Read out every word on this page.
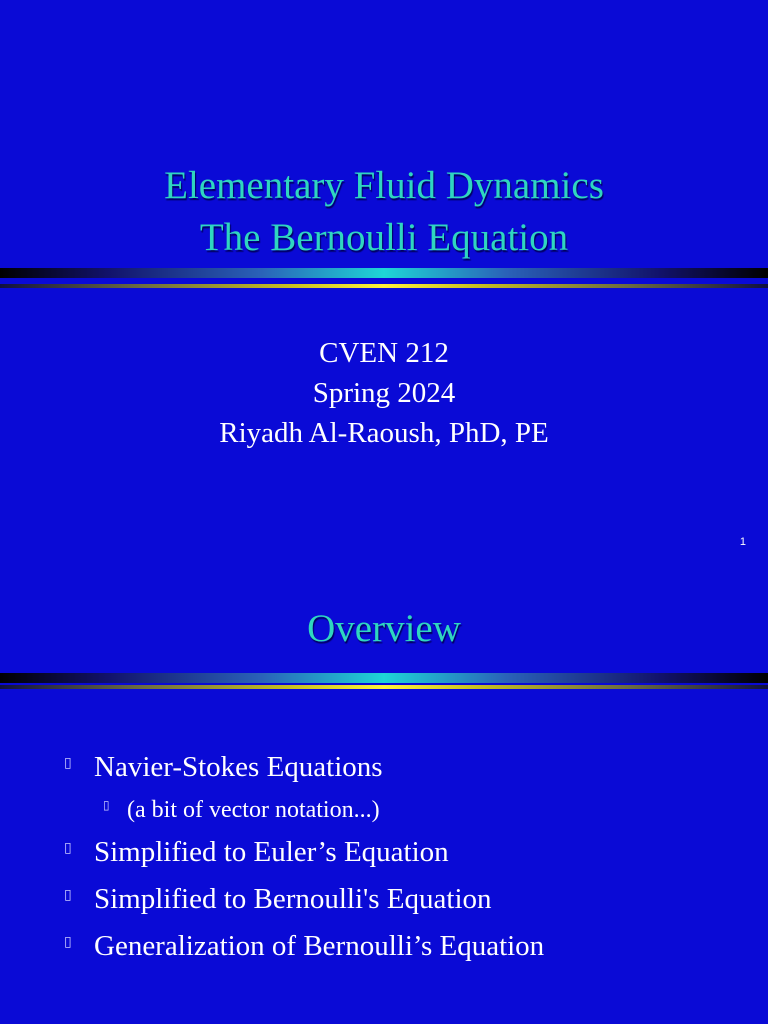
Elementary Fluid Dynamics
The Bernoulli Equation
CVEN 212
Spring 2024
Riyadh Al-Raoush, PhD, PE
1
Overview
▯ Navier-Stokes Equations
▯ (a bit of vector notation...)
▯ Simplified to Euler’s Equation
▯ Simplified to Bernoulli's Equation
▯ Generalization of Bernoulli’s Equation
